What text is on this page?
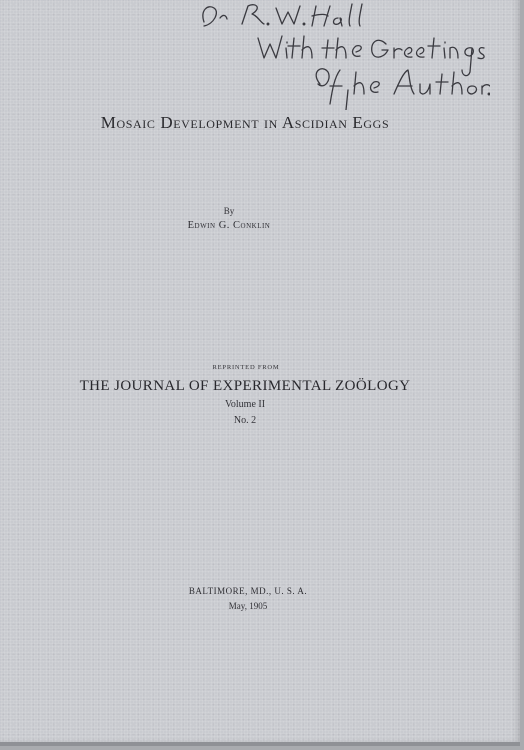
Mosaic Development in Ascidian Eggs
By
Edwin G. Conklin
REPRINTED FROM
THE JOURNAL OF EXPERIMENTAL ZOÖLOGY
Volume II
No. 2
BALTIMORE, MD., U. S. A.
May, 1905
